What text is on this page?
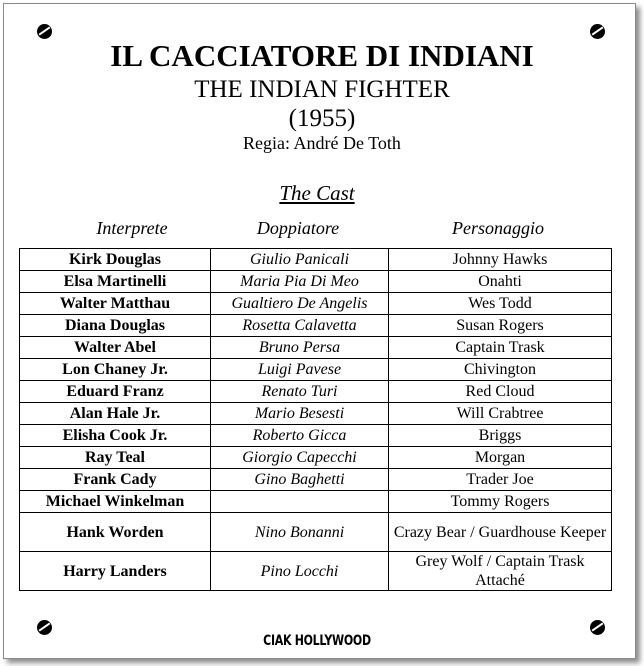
IL CACCIATORE DI INDIANI
THE INDIAN FIGHTER
(1955)
Regia: André De Toth
The Cast
Interprete	Doppiatore	Personaggio
Kirk Douglas	Giulio Panicali	Johnny Hawks
Elsa Martinelli	Maria Pia Di Meo	Onahti
Walter Matthau	Gualtiero De Angelis	Wes Todd
Diana Douglas	Rosetta Calavetta	Susan Rogers
Walter Abel	Bruno Persa	Captain Trask
Lon Chaney Jr.	Luigi Pavese	Chivington
Eduard Franz	Renato Turi	Red Cloud
Alan Hale Jr.	Mario Besesti	Will Crabtree
Elisha Cook Jr.	Roberto Gicca	Briggs
Ray Teal	Giorgio Capecchi	Morgan
Frank Cady	Gino Baghetti	Trader Joe
Michael Winkelman		Tommy Rogers
Hank Worden	Nino Bonanni	Crazy Bear / Guardhouse Keeper
Harry Landers	Pino Locchi	Grey Wolf / Captain Trask Attaché
CIAK HOLLYWOOD
